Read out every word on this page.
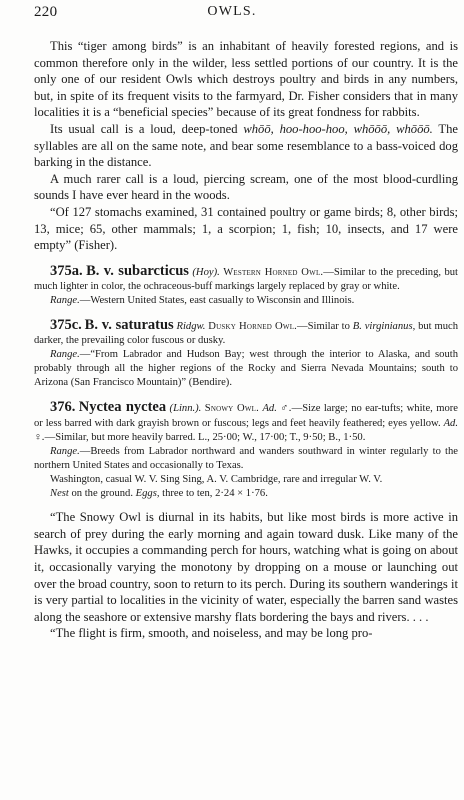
220	OWLS.

This “tiger among birds” is an inhabitant of heavily forested regions, and is common therefore only in the wilder, less settled portions of our country. It is the only one of our resident Owls which destroys poultry and birds in any numbers, but, in spite of its frequent visits to the farmyard, Dr. Fisher considers that in many localities it is a “beneficial species” because of its great fondness for rabbits.

Its usual call is a loud, deep-toned whōō, hoo-hoo-hoo, whōōō, whōōō. The syllables are all on the same note, and bear some resemblance to a bass-voiced dog barking in the distance.

A much rarer call is a loud, piercing scream, one of the most blood-curdling sounds I have ever heard in the woods.

“Of 127 stomachs examined, 31 contained poultry or game birds; 8, other birds; 13, mice; 65, other mammals; 1, a scorpion; 1, fish; 10, insects, and 17 were empty” (Fisher).

375a. B. v. subarcticus (Hoy). Western Horned Owl.—Similar to the preceding, but much lighter in color, the ochraceous-buff markings largely replaced by gray or white.

Range.—Western United States, east casually to Wisconsin and Illinois.

375c. B. v. saturatus Ridgw. Dusky Horned Owl.—Similar to B. virginianus, but much darker, the prevailing color fuscous or dusky.

Range.—“From Labrador and Hudson Bay; west through the interior to Alaska, and south probably through all the higher regions of the Rocky and Sierra Nevada Mountains; south to Arizona (San Francisco Mountain)” (Bendire).

376. Nyctea nyctea (Linn.). Snowy Owl. Ad. ♂.—Size large; no ear-tufts; white, more or less barred with dark grayish brown or fuscous; legs and feet heavily feathered; eyes yellow. Ad. ♀.—Similar, but more heavily barred. L., 25·00; W., 17·00; T., 9·50; B., 1·50.

Range.—Breeds from Labrador northward and wanders southward in winter regularly to the northern United States and occasionally to Texas.

Washington, casual W. V. Sing Sing, A. V. Cambridge, rare and irregular W. V.

Nest on the ground. Eggs, three to ten, 2·24 × 1·76.

“The Snowy Owl is diurnal in its habits, but like most birds is more active in search of prey during the early morning and again toward dusk. Like many of the Hawks, it occupies a commanding perch for hours, watching what is going on about it, occasionally varying the monotony by dropping on a mouse or launching out over the broad country, soon to return to its perch. During its southern wanderings it is very partial to localities in the vicinity of water, especially the barren sand wastes along the seashore or extensive marshy flats bordering the bays and rivers. . . .

“The flight is firm, smooth, and noiseless, and may be long pro-
